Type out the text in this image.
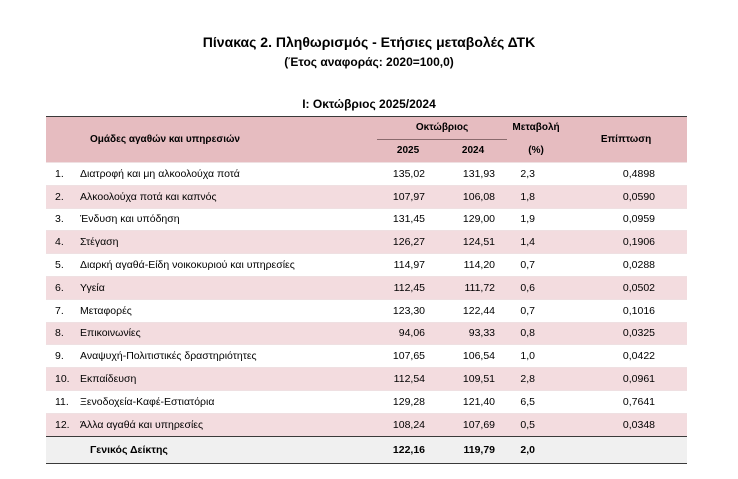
Πίνακας 2. Πληθωρισμός - Ετήσιες μεταβολές ΔΤΚ
(Έτος αναφοράς: 2020=100,0)
I: Οκτώβριος 2025/2024
Ομάδες αγαθών και υπηρεσιών		Οκτώβριος		Μεταβολή	Επίπτωση
		2025	2024	(%)	
1.	Διατροφή και μη αλκοολούχα ποτά	135,02	131,93	2,3	0,4898
2.	Αλκοολούχα ποτά και καπνός	107,97	106,08	1,8	0,0590
3.	Ένδυση και υπόδηση	131,45	129,00	1,9	0,0959
4.	Στέγαση	126,27	124,51	1,4	0,1906
5.	Διαρκή αγαθά-Είδη νοικοκυριού και υπηρεσίες	114,97	114,20	0,7	0,0288
6.	Υγεία	112,45	111,72	0,6	0,0502
7.	Μεταφορές	123,30	122,44	0,7	0,1016
8.	Επικοινωνίες	94,06	93,33	0,8	0,0325
9.	Αναψυχή-Πολιτιστικές δραστηριότητες	107,65	106,54	1,0	0,0422
10.	Εκπαίδευση	112,54	109,51	2,8	0,0961
11.	Ξενοδοχεία-Καφέ-Εστιατόρια	129,28	121,40	6,5	0,7641
12.	Άλλα αγαθά και υπηρεσίες	108,24	107,69	0,5	0,0348
	Γενικός Δείκτης	122,16	119,79	2,0	
